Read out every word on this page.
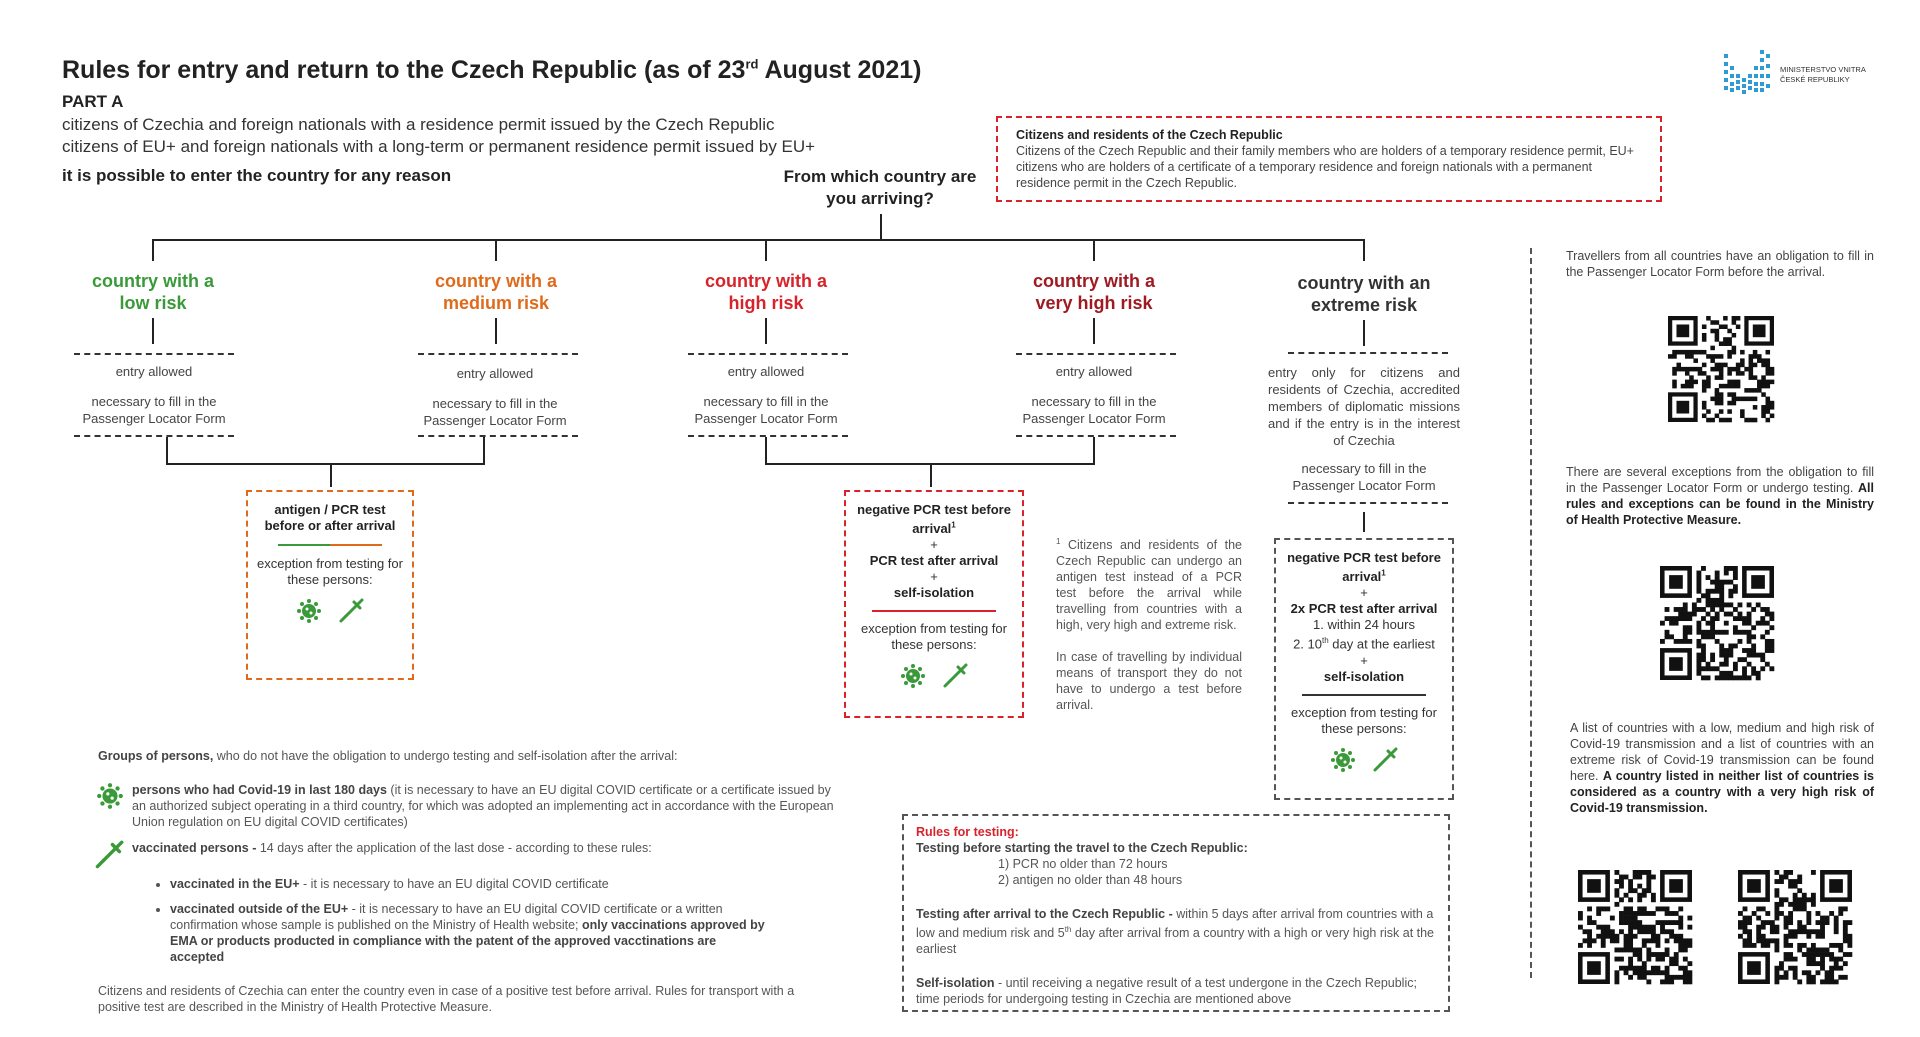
Rules for entry and return to the Czech Republic (as of 23rd August 2021)
PART A
citizens of Czechia and foreign nationals with a residence permit issued by the Czech Republic
citizens of EU+ and foreign nationals with a long-term or permanent residence permit issued by EU+
it is possible to enter the country for any reason	From which country are you arriving?
MINISTERSTVO VNITRA
ČESKÉ REPUBLIKY
Citizens and residents of the Czech Republic
Citizens of the Czech Republic and their family members who are holders of a temporary residence permit, EU+ citizens who are holders of a certificate of a temporary residence and foreign nationals with a permanent residence permit in the Czech Republic.
country with a
low risk
entry allowed
necessary to fill in the Passenger Locator Form
country with a
medium risk
entry allowed
necessary to fill in the Passenger Locator Form
country with a
high risk
entry allowed
necessary to fill in the Passenger Locator Form
country with a
very high risk
entry allowed
necessary to fill in the Passenger Locator Form
country with an
extreme risk
entry only for citizens and residents of Czechia, accredited members of diplomatic missions and if the entry is in the interest of Czechia
necessary to fill in the Passenger Locator Form
antigen / PCR test before or after arrival
exception from testing for these persons:
negative PCR test before arrival$^1$
+
PCR test after arrival
+
self-isolation
exception from testing for these persons:
$^1$ Citizens and residents of the Czech Republic can undergo an antigen test instead of a PCR test before the arrival while travelling from countries with a high, very high and extreme risk.
In case of travelling by individual means of transport they do not have to undergo a test before arrival.
negative PCR test before arrival$^1$
+
2x PCR test after arrival
1. within 24 hours
2. 10th day at the earliest
+
self-isolation
exception from testing for these persons:
Groups of persons, who do not have the obligation to undergo testing and self-isolation after the arrival:
persons who had Covid-19 in last 180 days (it is necessary to have an EU digital COVID certificate or a certificate issued by an authorized subject operating in a third country, for which was adopted an implementing act in accordance with the European Union regulation on EU digital COVID certificates)
vaccinated persons - 14 days after the application of the last dose - according to these rules:
• vaccinated in the EU+ - it is necessary to have an EU digital COVID certificate
• vaccinated outside of the EU+ - it is necessary to have an EU digital COVID certificate or a written confirmation whose sample is published on the Ministry of Health website; only vaccinations approved by EMA or products producted in compliance with the patent of the approved vacctinations are accepted
Citizens and residents of Czechia can enter the country even in case of a positive test before arrival. Rules for transport with a positive test are described in the Ministry of Health Protective Measure.
Rules for testing:
Testing before starting the travel to the Czech Republic:
1) PCR no older than 72 hours
2) antigen no older than 48 hours
Testing after arrival to the Czech Republic - within 5 days after arrival from countries with a low and medium risk and 5th day after arrival from a country with a high or very high risk at the earliest
Self-isolation - until receiving a negative result of a test undergone in the Czech Republic; time periods for undergoing testing in Czechia are mentioned above
Travellers from all countries have an obligation to fill in the Passenger Locator Form before the arrival.
There are several exceptions from the obligation to fill in the Passenger Locator Form or undergo testing. All rules and exceptions can be found in the Ministry of Health Protective Measure.
A list of countries with a low, medium and high risk of Covid-19 transmission and a list of countries with an extreme risk of Covid-19 transmission can be found here. A country listed in neither list of countries is considered as a country with a very high risk of Covid-19 transmission.
